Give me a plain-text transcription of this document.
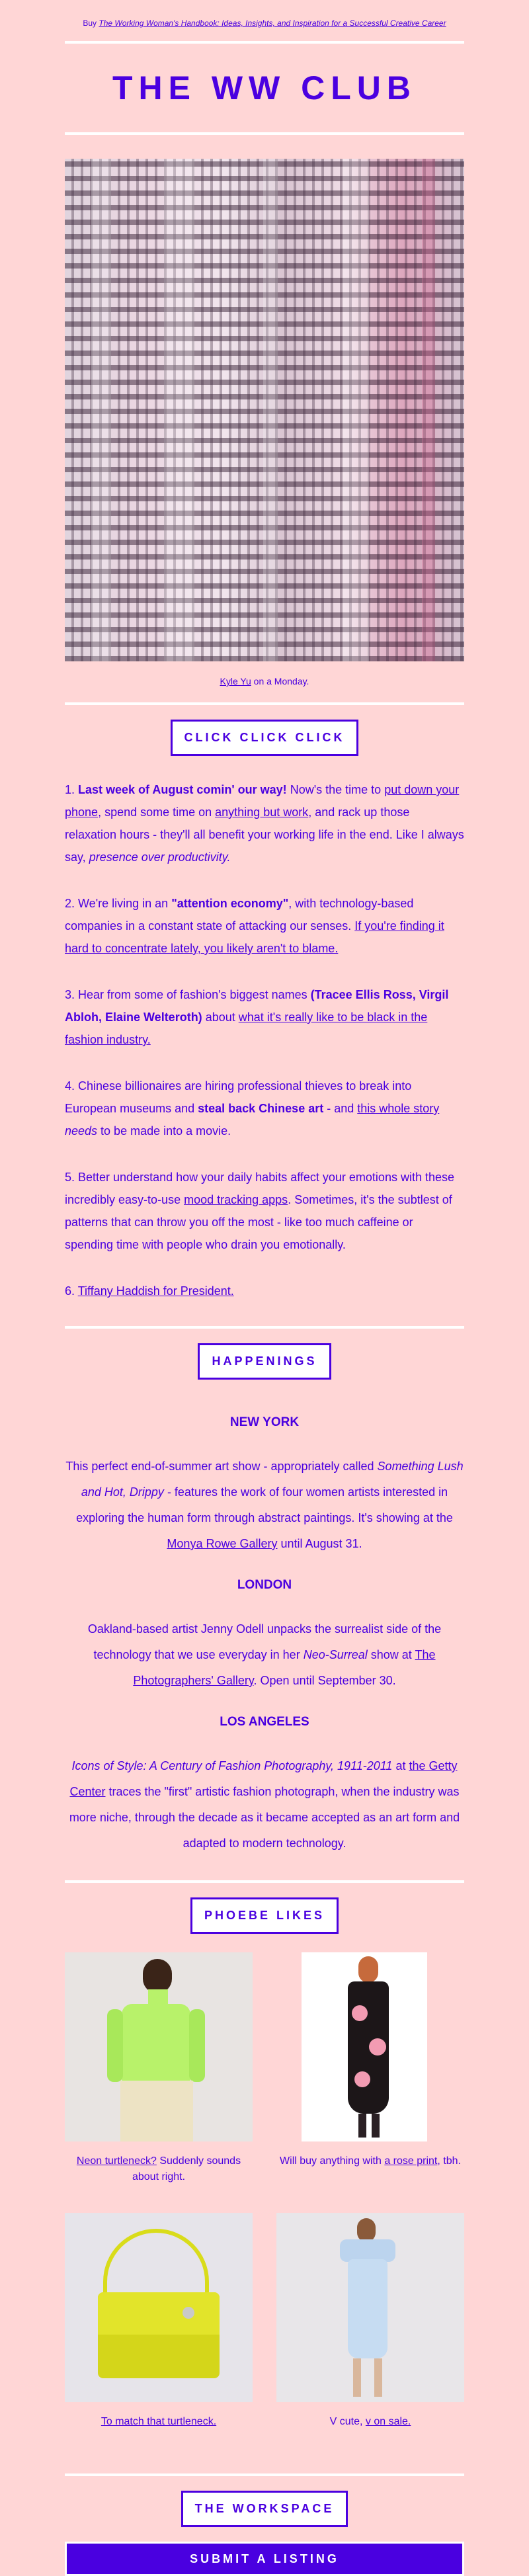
Buy The Working Woman's Handbook: Ideas, Insights, and Inspiration for a Successful Creative Career
THE WW CLUB
Kyle Yu on a Monday.
CLICK CLICK CLICK

1. Last week of August comin' our way! Now's the time to put down your phone, spend some time on anything but work, and rack up those relaxation hours - they'll all benefit your working life in the end. Like I always say, presence over productivity.

2. We're living in an "attention economy", with technology-based companies in a constant state of attacking our senses. If you're finding it hard to concentrate lately, you likely aren't to blame.

3. Hear from some of fashion's biggest names (Tracee Ellis Ross, Virgil Abloh, Elaine Welteroth) about what it's really like to be black in the fashion industry.

4. Chinese billionaires are hiring professional thieves to break into European museums and steal back Chinese art - and this whole story needs to be made into a movie.

5. Better understand how your daily habits affect your emotions with these incredibly easy-to-use mood tracking apps. Sometimes, it's the subtlest of patterns that can throw you off the most - like too much caffeine or spending time with people who drain you emotionally.

6. Tiffany Haddish for President.

HAPPENINGS
NEW YORK

This perfect end-of-summer art show - appropriately called Something Lush and Hot, Drippy - features the work of four women artists interested in exploring the human form through abstract paintings. It's showing at the Monya Rowe Gallery until August 31.

LONDON

Oakland-based artist Jenny Odell unpacks the surrealist side of the technology that we use everyday in her Neo-Surreal show at The Photographers' Gallery. Open until September 30.

LOS ANGELES

Icons of Style: A Century of Fashion Photography, 1911-2011 at the Getty Center traces the "first" artistic fashion photograph, when the industry was more niche, through the decade as it became accepted as an art form and adapted to modern technology.

PHOEBE LIKES
Neon turtleneck? Suddenly sounds about right.
Will buy anything with a rose print, tbh.
To match that turtleneck.	V cute, v on sale.
THE WORKSPACE
SUBMIT A LISTING
